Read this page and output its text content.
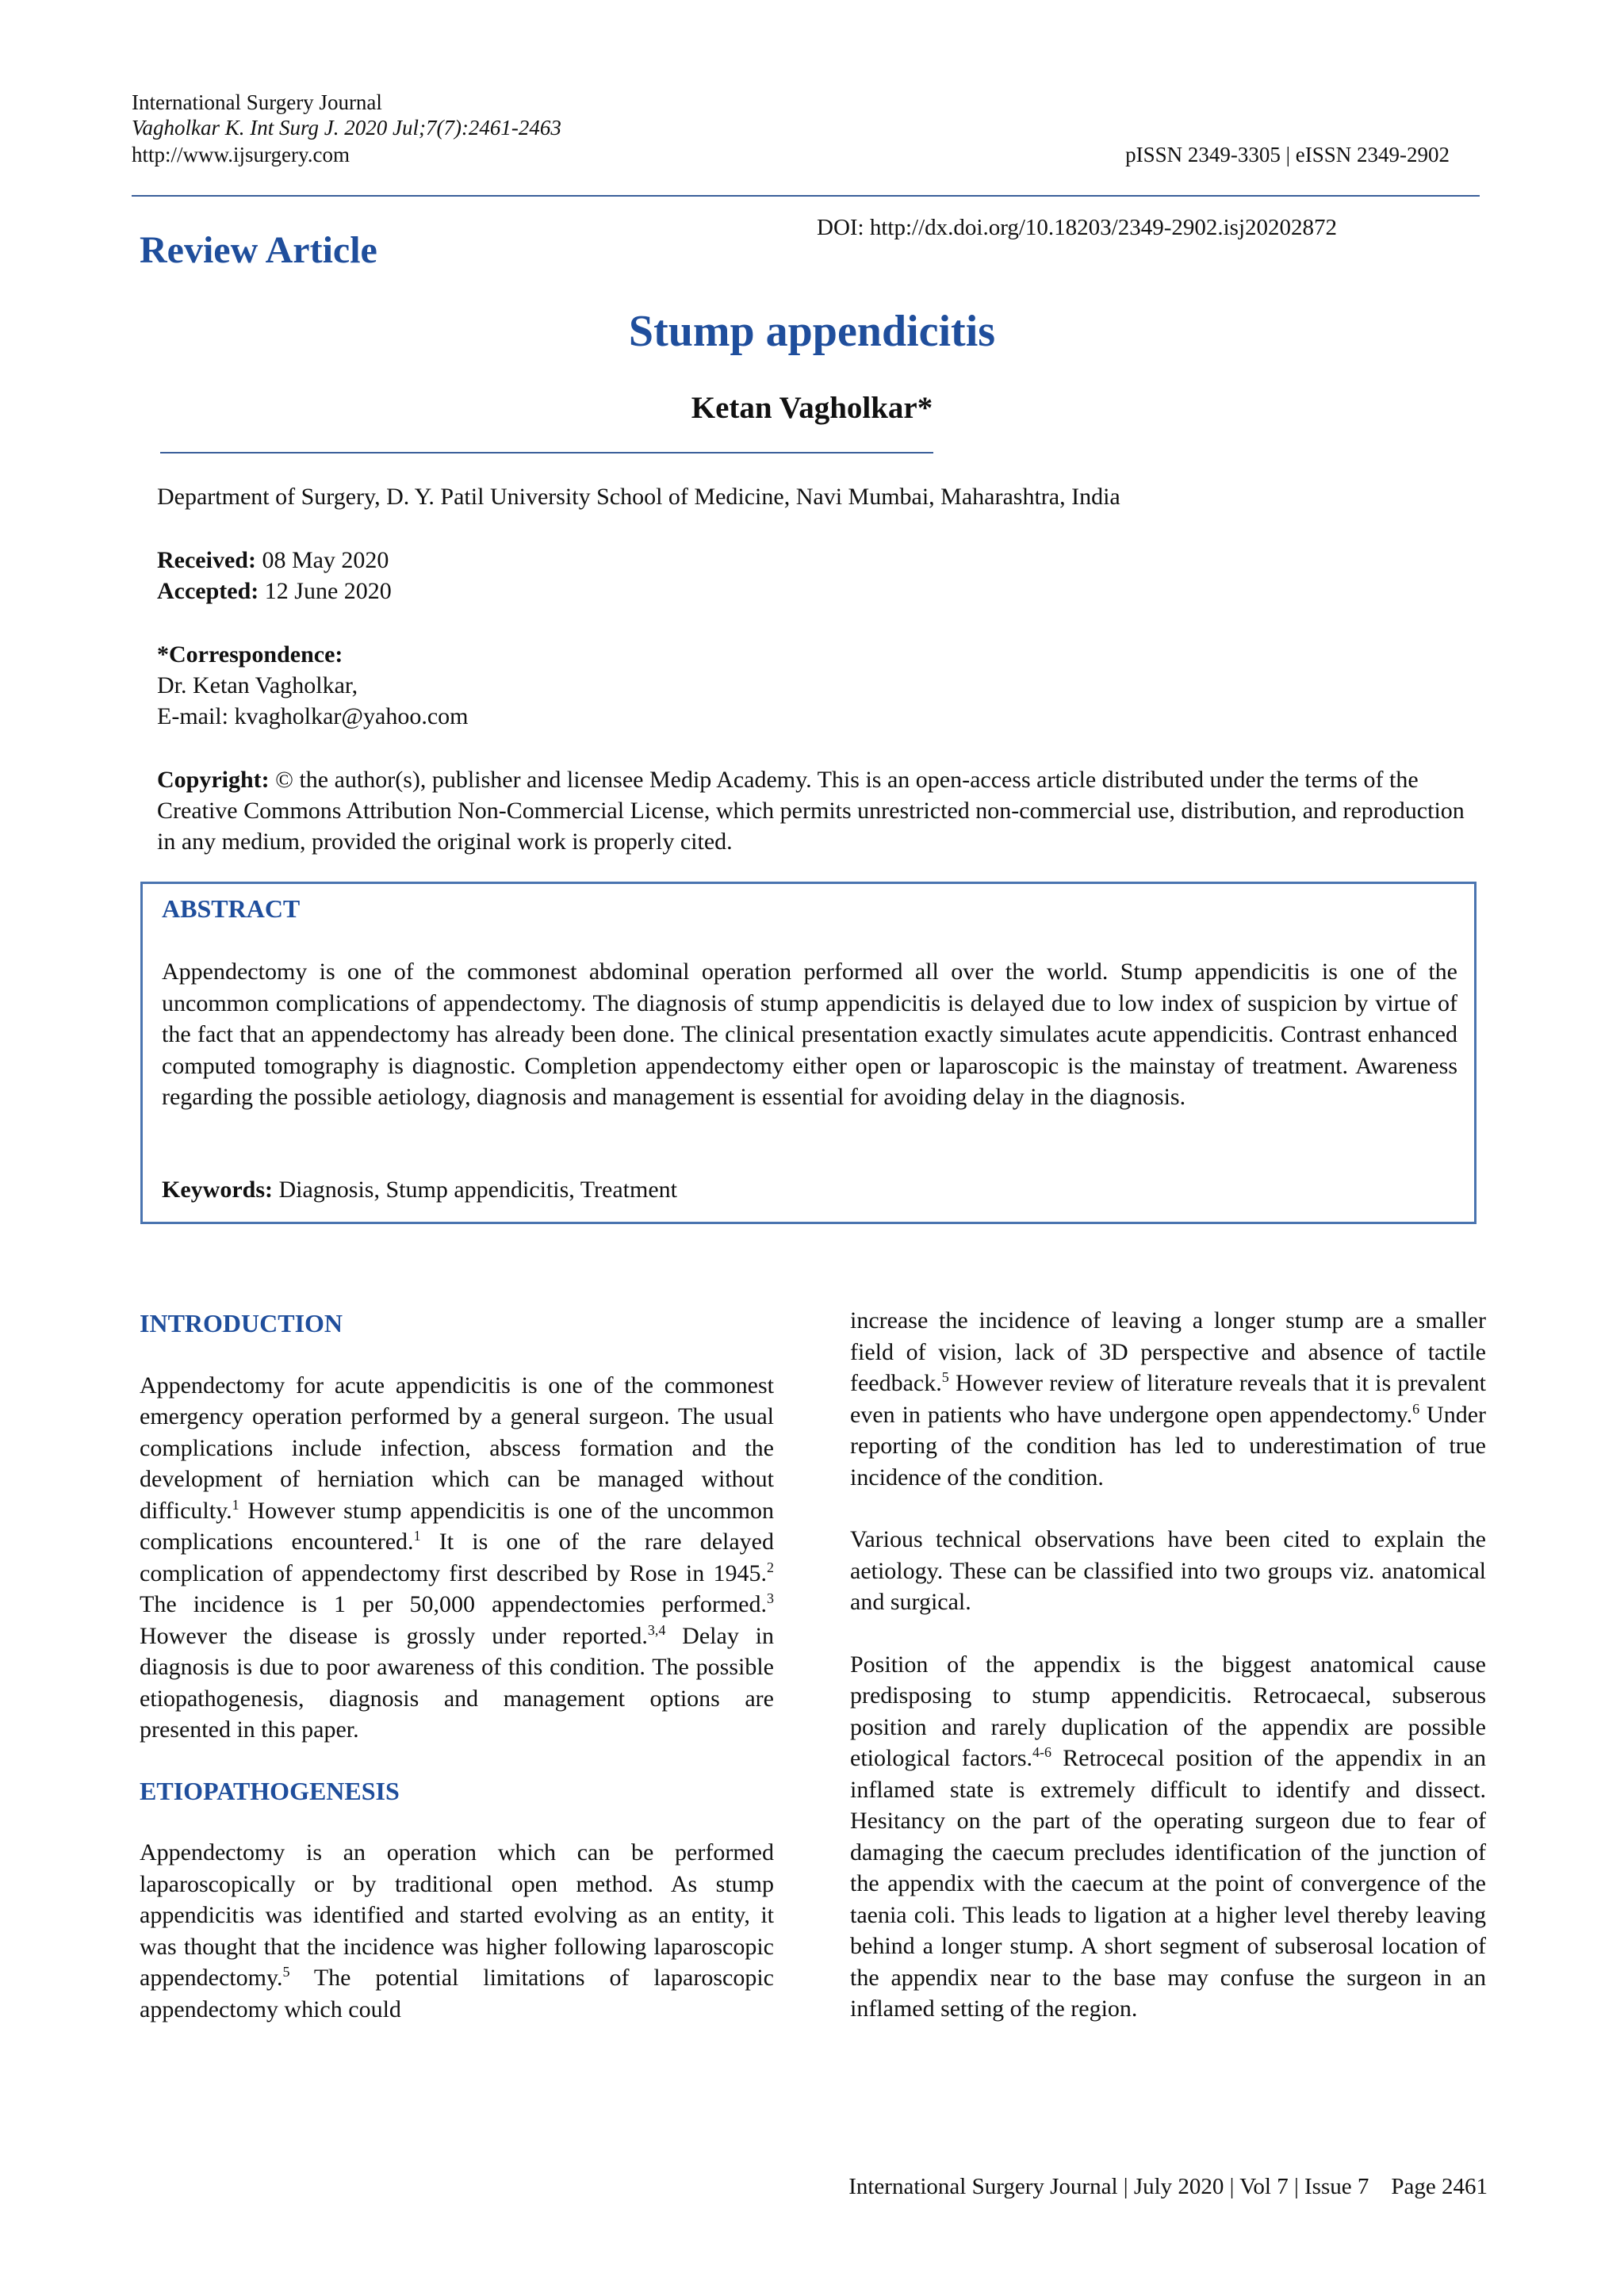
International Surgery Journal
Vagholkar K. Int Surg J. 2020 Jul;7(7):2461-2463
http://www.ijsurgery.com	pISSN 2349-3305 | eISSN 2349-2902
Review Article
DOI: http://dx.doi.org/10.18203/2349-2902.isj20202872
Stump appendicitis
Ketan Vagholkar*
Department of Surgery, D. Y. Patil University School of Medicine, Navi Mumbai, Maharashtra, India
Received: 08 May 2020
Accepted: 12 June 2020
*Correspondence:
Dr. Ketan Vagholkar,
E-mail: kvagholkar@yahoo.com
Copyright: © the author(s), publisher and licensee Medip Academy. This is an open-access article distributed under the terms of the Creative Commons Attribution Non-Commercial License, which permits unrestricted non-commercial use, distribution, and reproduction in any medium, provided the original work is properly cited.
ABSTRACT
Appendectomy is one of the commonest abdominal operation performed all over the world. Stump appendicitis is one of the uncommon complications of appendectomy. The diagnosis of stump appendicitis is delayed due to low index of suspicion by virtue of the fact that an appendectomy has already been done. The clinical presentation exactly simulates acute appendicitis. Contrast enhanced computed tomography is diagnostic. Completion appendectomy either open or laparoscopic is the mainstay of treatment. Awareness regarding the possible aetiology, diagnosis and management is essential for avoiding delay in the diagnosis.
Keywords: Diagnosis, Stump appendicitis, Treatment
INTRODUCTION

Appendectomy for acute appendicitis is one of the commonest emergency operation performed by a general surgeon. The usual complications include infection, abscess formation and the development of herniation which can be managed without difficulty.$^1$ However stump appendicitis is one of the uncommon complications encountered.$^1$ It is one of the rare delayed complication of appendectomy first described by Rose in 1945.$^2$ The incidence is 1 per 50,000 appendectomies performed.$^3$ However the disease is grossly under reported.$^{3,4}$ Delay in diagnosis is due to poor awareness of this condition. The possible etiopathogenesis, diagnosis and management options are presented in this paper.

ETIOPATHOGENESIS

Appendectomy is an operation which can be performed laparoscopically or by traditional open method. As stump appendicitis was identified and started evolving as an entity, it was thought that the incidence was higher following laparoscopic appendectomy.$^5$ The potential limitations of laparoscopic appendectomy which could

increase the incidence of leaving a longer stump are a smaller field of vision, lack of 3D perspective and absence of tactile feedback.$^5$ However review of literature reveals that it is prevalent even in patients who have undergone open appendectomy.$^6$ Under reporting of the condition has led to underestimation of true incidence of the condition.

Various technical observations have been cited to explain the aetiology. These can be classified into two groups viz. anatomical and surgical.

Position of the appendix is the biggest anatomical cause predisposing to stump appendicitis. Retrocaecal, subserous position and rarely duplication of the appendix are possible etiological factors.$^{4-6}$ Retrocecal position of the appendix in an inflamed state is extremely difficult to identify and dissect. Hesitancy on the part of the operating surgeon due to fear of damaging the caecum precludes identification of the junction of the appendix with the caecum at the point of convergence of the taenia coli. This leads to ligation at a higher level thereby leaving behind a longer stump. A short segment of subserosal location of the appendix near to the base may confuse the surgeon in an inflamed setting of the region.

International Surgery Journal | July 2020 | Vol 7 | Issue 7 Page 2461
